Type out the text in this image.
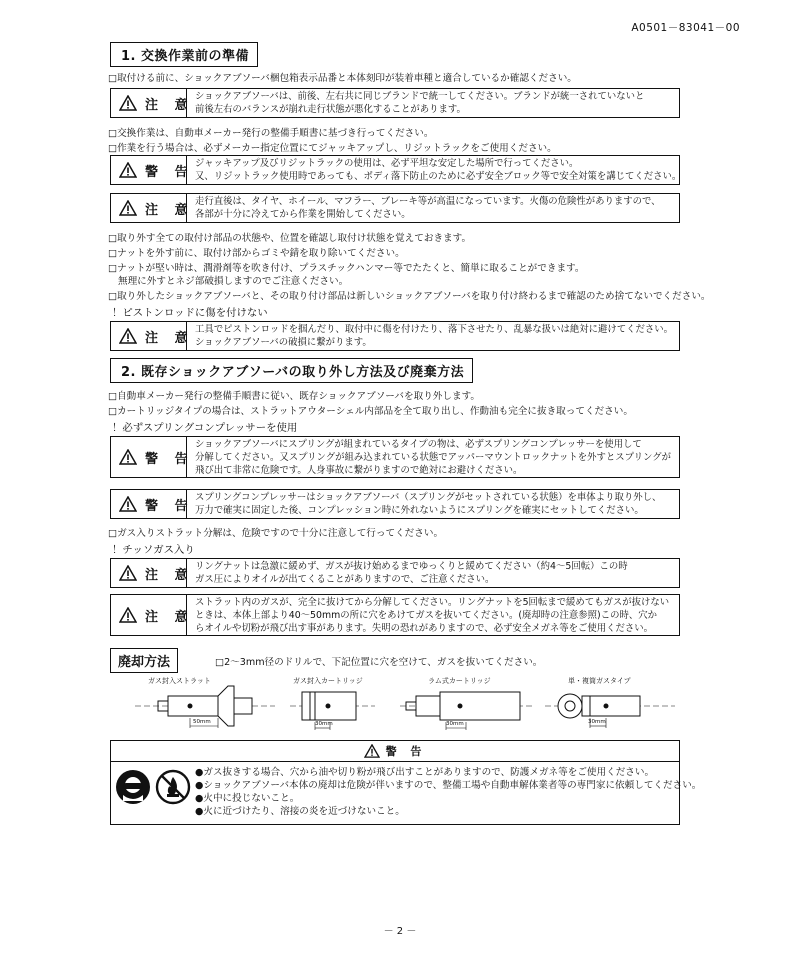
A0501－83041－00
1. 交換作業前の準備
□取付ける前に、ショックアブソーバ梱包箱表示品番と本体刻印が装着車種と適合しているか確認ください。
注 意
ショックアブソーバは、前後、左右共に同じブランドで統一してください。ブランドが統一されていないと
前後左右のバランスが崩れ走行状態が悪化することがあります。
□交換作業は、自動車メーカー発行の整備手順書に基づき行ってください。
□作業を行う場合は、必ずメーカー指定位置にてジャッキアップし、リジットラックをご使用ください。
警 告
ジャッキアップ及びリジットラックの使用は、必ず平坦な安定した場所で行ってください。
又、リジットラック使用時であっても、ボディ落下防止のために必ず安全ブロック等で安全対策を講じてください。
注 意
走行直後は、タイヤ、ホイール、マフラー、ブレーキ等が高温になっています。火傷の危険性がありますので、
各部が十分に冷えてから作業を開始してください。
□取り外す全ての取付け部品の状態や、位置を確認し取付け状態を覚えておきます。
□ナットを外す前に、取付け部からゴミや錆を取り除いてください。
□ナットが堅い時は、潤滑剤等を吹き付け、プラスチックハンマー等でたたくと、簡単に取ることができます。
無理に外すとネジ部破損しますのでご注意ください。
□取り外したショックアブソーバと、その取り付け部品は新しいショックアブソーバを取り付け終わるまで確認のため捨てないでください。
！ピストンロッドに傷を付けない
注 意
工具でピストンロッドを掴んだり、取付中に傷を付けたり、落下させたり、乱暴な扱いは絶対に避けてください。
ショックアブソーバの破損に繋がります。
2. 既存ショックアブソーバの取り外し方法及び廃棄方法
□自動車メーカー発行の整備手順書に従い、既存ショックアブソーバを取り外します。
□カートリッジタイプの場合は、ストラットアウターシェル内部品を全て取り出し、作動油も完全に抜き取ってください。
！必ずスプリングコンプレッサーを使用
警 告
ショックアブソーバにスプリングが組まれているタイプの物は、必ずスプリングコンプレッサーを使用して
分解してください。又スプリングが組み込まれている状態でアッパーマウントロックナットを外すとスプリングが
飛び出て非常に危険です。人身事故に繋がりますので絶対にお避けください。
警 告
スプリングコンプレッサーはショックアブソーバ（スプリングがセットされている状態）を車体より取り外し、
万力で確実に固定した後、コンプレッション時に外れないようにスプリングを確実にセットしてください。
□ガス入りストラット分解は、危険ですので十分に注意して行ってください。
！チッソガス入り
注 意
リングナットは急激に緩めず、ガスが抜け始めるまでゆっくりと緩めてください（約4〜5回転）この時
ガス圧によりオイルが出てくることがありますので、ご注意ください。
注 意
ストラット内のガスが、完全に抜けてから分解してください。リングナットを5回転まで緩めてもガスが抜けない
ときは、本体上部より40〜50mmの所に穴をあけてガスを抜いてください。(廃却時の注意参照)この時、穴か
らオイルや切粉が飛び出す事があります。失明の恐れがありますので、必ず安全メガネ等をご使用ください。
廃却方法	□2〜3mm径のドリルで、下記位置に穴を空けて、ガスを抜いてください。
ガス封入ストラット	ガス封入カートリッジ	ラム式カートリッジ	単・複筒ガスタイプ
50mm	30mm	30mm	30mm
警 告
●ガス抜きする場合、穴から油や切り粉が飛び出すことがありますので、防護メガネ等をご使用ください。
●ショックアブソーバ本体の廃却は危険が伴いますので、整備工場や自動車解体業者等の専門家に依頼してください。
●火中に投じないこと。
●火に近づけたり、溶接の炎を近づけないこと。
－ 2 －
